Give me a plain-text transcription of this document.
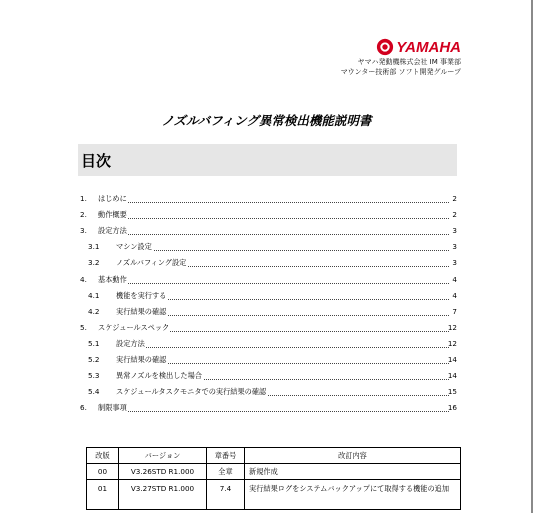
YAMAHA
ヤマハ発動機株式会社 IM 事業部
マウンター技術部 ソフト開発グループ
ノズルバフィング異常検出機能説明書
目次
1. はじめに	2
2. 動作概要	2
3. 設定方法	3
3.1 マシン設定	3
3.2 ノズルバフィング設定	3
4. 基本動作	4
4.1 機能を実行する	4
4.2 実行結果の確認	7
5. スケジュールスペック	12
5.1 設定方法	12
5.2 実行結果の確認	14
5.3 異常ノズルを検出した場合	14
5.4 スケジュールタスクモニタでの実行結果の確認	15
6. 制限事項	16
改版	バージョン	章番号	改訂内容
00	V3.26STD R1.000	全章	新規作成
01	V3.27STD R1.000	7.4	実行結果ログをシステムバックアップにて取得する機能の追加
